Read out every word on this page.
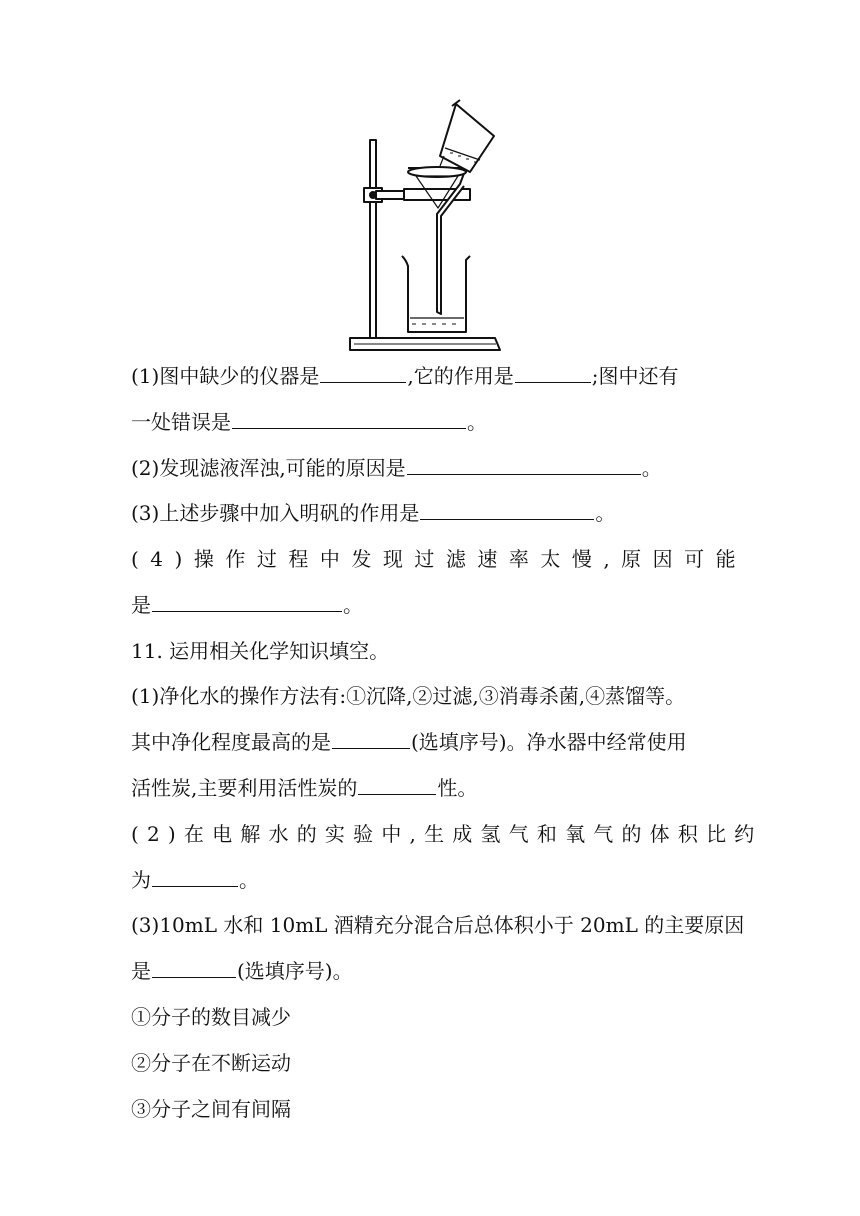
(1)图中缺少的仪器是	,它的作用是	;图中还有
一处错误是	。
(2)发现滤液浑浊,可能的原因是	。
(3)上述步骤中加入明矾的作用是	。
(4)操作过程中发现过滤速率太慢,原因可能
是	。
11. 运用相关化学知识填空。
(1)净化水的操作方法有:①沉降,②过滤,③消毒杀菌,④蒸馏等。
其中净化程度最高的是	(选填序号)。净水器中经常使用
活性炭,主要利用活性炭的	性。
(2)在电解水的实验中,生成氢气和氧气的体积比约
为	。
(3)10mL 水和 10mL 酒精充分混合后总体积小于 20mL 的主要原因
是	(选填序号)。
①分子的数目减少
②分子在不断运动
③分子之间有间隔
